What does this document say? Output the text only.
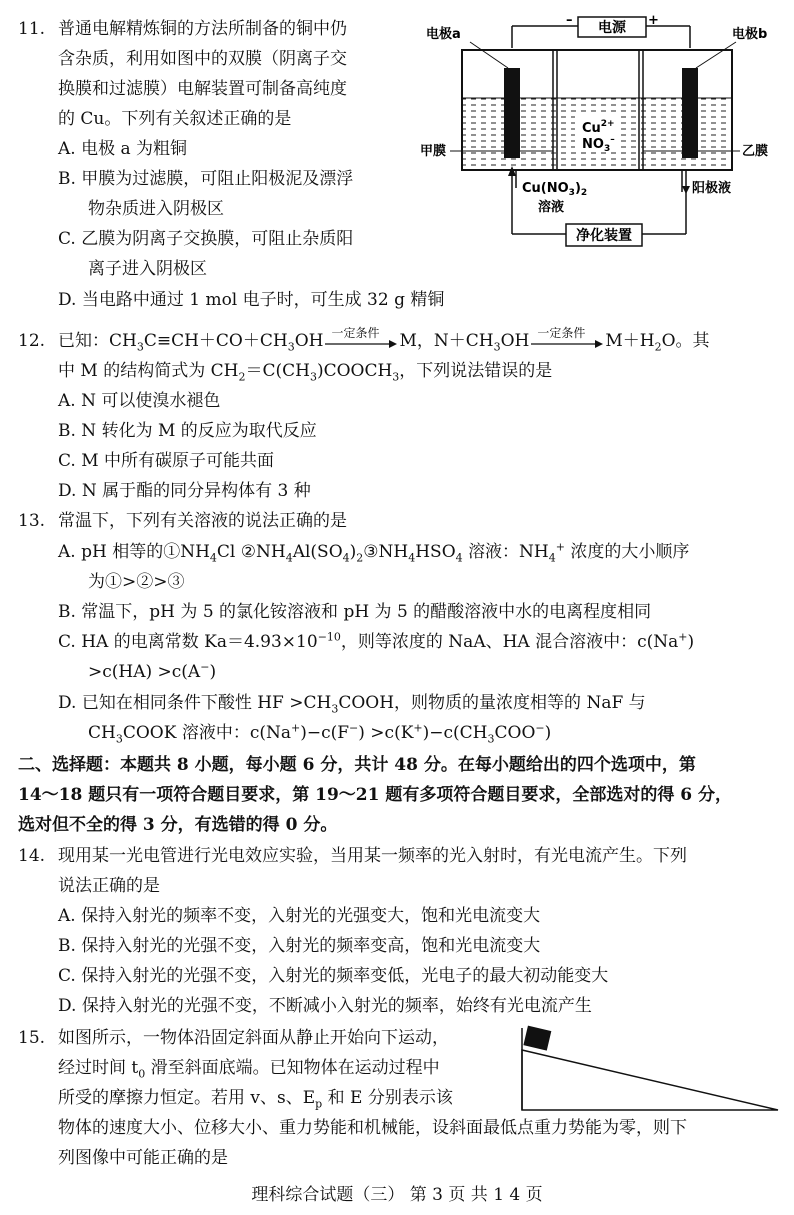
11. 普通电解精炼铜的方法所制备的铜中仍
含杂质，利用如图中的双膜（阴离子交
换膜和过滤膜）电解装置可制备高纯度
的 Cu。下列有关叙述正确的是
A. 电极 a 为粗铜
B. 甲膜为过滤膜，可阻止阳极泥及漂浮
物杂质进入阴极区
C. 乙膜为阴离子交换膜，可阻止杂质阳
离子进入阴极区
D. 当电路中通过 1 mol 电子时，可生成 32 g 精铜
电源
–	+
电极a	电极b
$Cu^{2+}$
$NO_3^-$
甲膜	乙膜
$Cu(NO_3)_2$
溶液
阳极液
净化装置
12. 已知：$CH_3C\equiv CH+CO+CH_3OH$ 一定条件 M，$N+CH_3OH$ 一定条件 $M+H_2O$。其
中 M 的结构简式为 $CH_2=C(CH_3)COOCH_3$，下列说法错误的是
A. N 可以使溴水褪色
B. N 转化为 M 的反应为取代反应
C. M 中所有碳原子可能共面
D. N 属于酯的同分异构体有 3 种
13. 常温下，下列有关溶液的说法正确的是
A. pH 相等的$①NH_4Cl$ $②NH_4Al(SO_4)_2③NH_4HSO_4$ 溶液：$NH_4^+$ 浓度的大小顺序
为①>②>③
B. 常温下，pH 为 5 的氯化铵溶液和 pH 为 5 的醋酸溶液中水的电离程度相同
C. HA 的电离常数 $Ka=4.93\times 10^{-10}$，则等浓度的 NaA、HA 混合溶液中：c(Na+)
>c(HA) >c(A−)
D. 已知在相同条件下酸性 HF $>CH_3COOH$，则物质的量浓度相等的 NaF 与
$CH_3COOK$ 溶液中：$c(Na^+)-c(F^-) >c(K^+)-c(CH_3COO^-)$
二、选择题：本题共 8 小题，每小题 6 分，共计 48 分。在每小题给出的四个选项中，第
14～18 题只有一项符合题目要求，第 19～21 题有多项符合题目要求，全部选对的得 6 分，
选对但不全的得 3 分，有选错的得 0 分。
14. 现用某一光电管进行光电效应实验，当用某一频率的光入射时，有光电流产生。下列
说法正确的是
A. 保持入射光的频率不变，入射光的光强变大，饱和光电流变大
B. 保持入射光的光强不变，入射光的频率变高，饱和光电流变大
C. 保持入射光的光强不变，入射光的频率变低，光电子的最大初动能变大
D. 保持入射光的光强不变，不断减小入射光的频率，始终有光电流产生
15. 如图所示，一物体沿固定斜面从静止开始向下运动，
经过时间 $t_0$ 滑至斜面底端。已知物体在运动过程中
所受的摩擦力恒定。若用 v、s、$E_p$ 和 E 分别表示该
物体的速度大小、位移大小、重力势能和机械能，设斜面最低点重力势能为零，则下
列图像中可能正确的是
理科综合试题（三） 第 3 页 共 1 4 页
